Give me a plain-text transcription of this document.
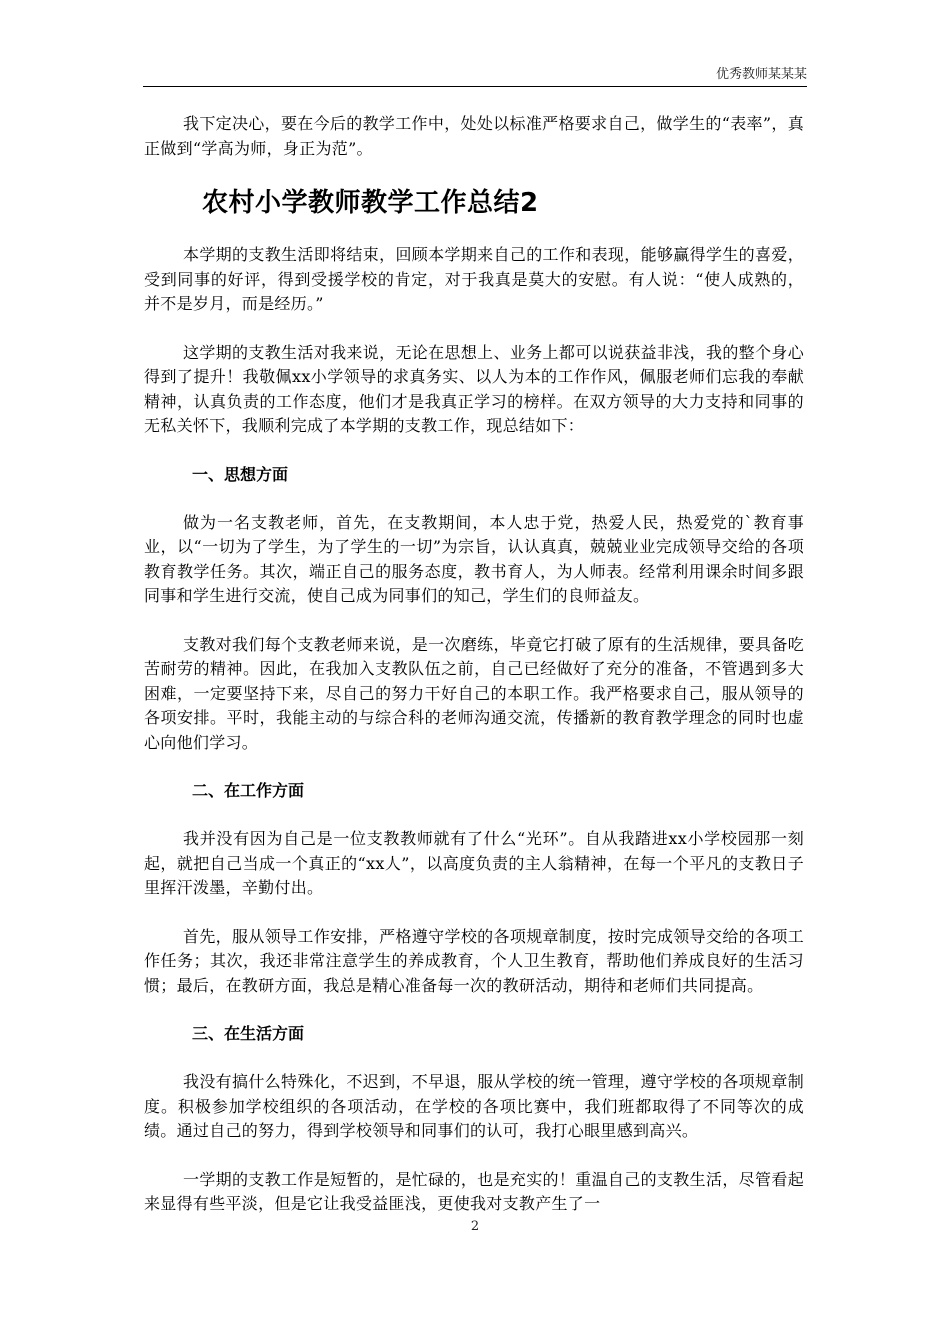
优秀教师某某某

我下定决心，要在今后的教学工作中，处处以标准严格要求自己，做学生的“表率”，真正做到“学高为师，身正为范”。

农村小学教师教学工作总结2

本学期的支教生活即将结束，回顾本学期来自己的工作和表现，能够赢得学生的喜爱，受到同事的好评，得到受援学校的肯定，对于我真是莫大的安慰。有人说：“使人成熟的，并不是岁月，而是经历。”

这学期的支教生活对我来说，无论在思想上、业务上都可以说获益非浅，我的整个身心得到了提升！我敬佩xx小学领导的求真务实、以人为本的工作作风，佩服老师们忘我的奉献精神，认真负责的工作态度，他们才是我真正学习的榜样。在双方领导的大力支持和同事的无私关怀下，我顺利完成了本学期的支教工作，现总结如下：

一、思想方面

做为一名支教老师，首先，在支教期间，本人忠于党，热爱人民，热爱党的`教育事业，以“一切为了学生，为了学生的一切”为宗旨，认认真真，兢兢业业完成领导交给的各项教育教学任务。其次，端正自己的服务态度，教书育人，为人师表。经常利用课余时间多跟同事和学生进行交流，使自己成为同事们的知己，学生们的良师益友。

支教对我们每个支教老师来说，是一次磨练，毕竟它打破了原有的生活规律，要具备吃苦耐劳的精神。因此，在我加入支教队伍之前，自己已经做好了充分的准备，不管遇到多大困难，一定要坚持下来，尽自己的努力干好自己的本职工作。我严格要求自己，服从领导的各项安排。平时，我能主动的与综合科的老师沟通交流，传播新的教育教学理念的同时也虚心向他们学习。

二、在工作方面

我并没有因为自己是一位支教教师就有了什么“光环”。自从我踏进xx小学校园那一刻起，就把自己当成一个真正的“xx人”，以高度负责的主人翁精神，在每一个平凡的支教日子里挥汗泼墨，辛勤付出。

首先，服从领导工作安排，严格遵守学校的各项规章制度，按时完成领导交给的各项工作任务；其次，我还非常注意学生的养成教育，个人卫生教育，帮助他们养成良好的生活习惯；最后，在教研方面，我总是精心准备每一次的教研活动，期待和老师们共同提高。

三、在生活方面

我没有搞什么特殊化，不迟到，不早退，服从学校的统一管理，遵守学校的各项规章制度。积极参加学校组织的各项活动，在学校的各项比赛中，我们班都取得了不同等次的成绩。通过自己的努力，得到学校领导和同事们的认可，我打心眼里感到高兴。

一学期的支教工作是短暂的，是忙碌的，也是充实的！重温自己的支教生活，尽管看起来显得有些平淡，但是它让我受益匪浅，更使我对支教产生了一

2
